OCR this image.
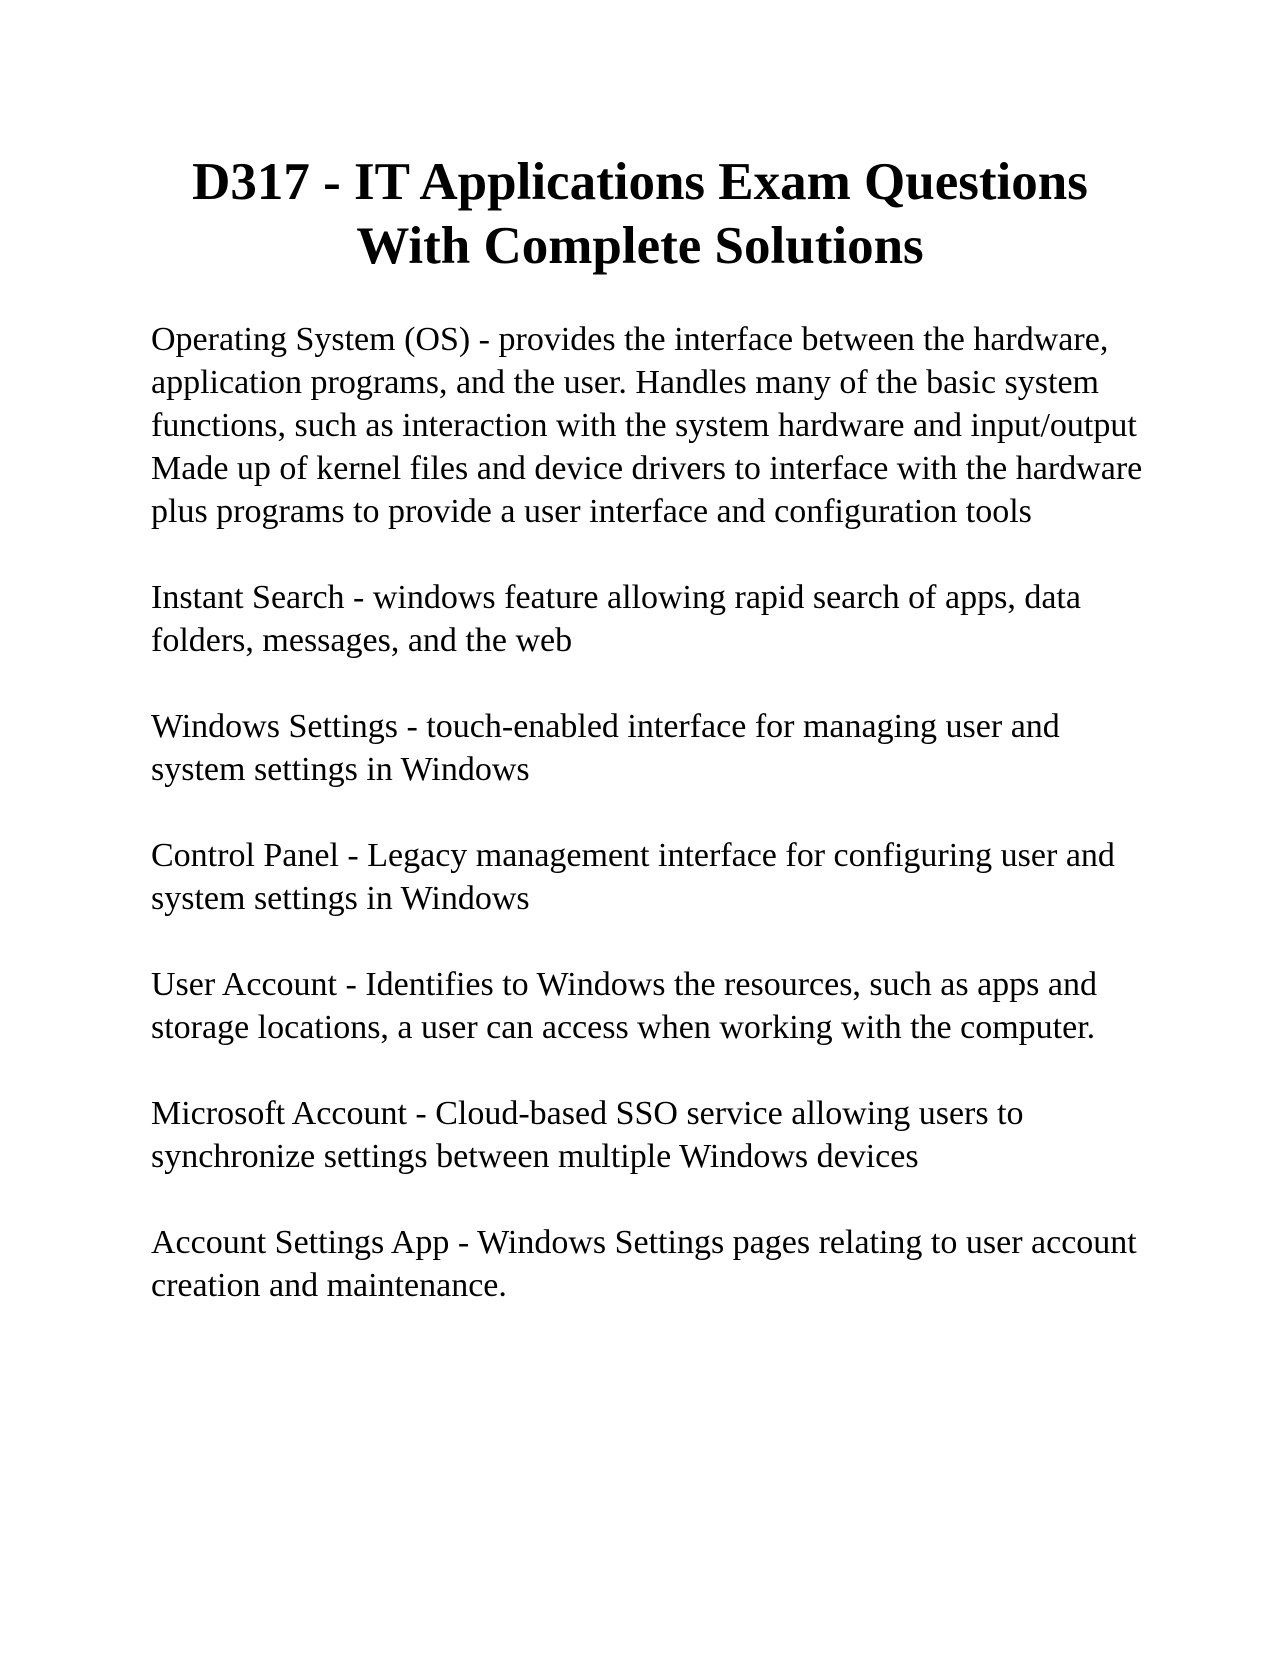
D317 - IT Applications Exam Questions
With Complete Solutions

Operating System (OS) - provides the interface between the hardware, application programs, and the user. Handles many of the basic system functions, such as interaction with the system hardware and input/output

Made up of kernel files and device drivers to interface with the hardware plus programs to provide a user interface and configuration tools

Instant Search - windows feature allowing rapid search of apps, data folders, messages, and the web

Windows Settings - touch-enabled interface for managing user and system settings in Windows

Control Panel - Legacy management interface for configuring user and system settings in Windows

User Account - Identifies to Windows the resources, such as apps and storage locations, a user can access when working with the computer.

Microsoft Account - Cloud-based SSO service allowing users to synchronize settings between multiple Windows devices

Account Settings App - Windows Settings pages relating to user account creation and maintenance.
